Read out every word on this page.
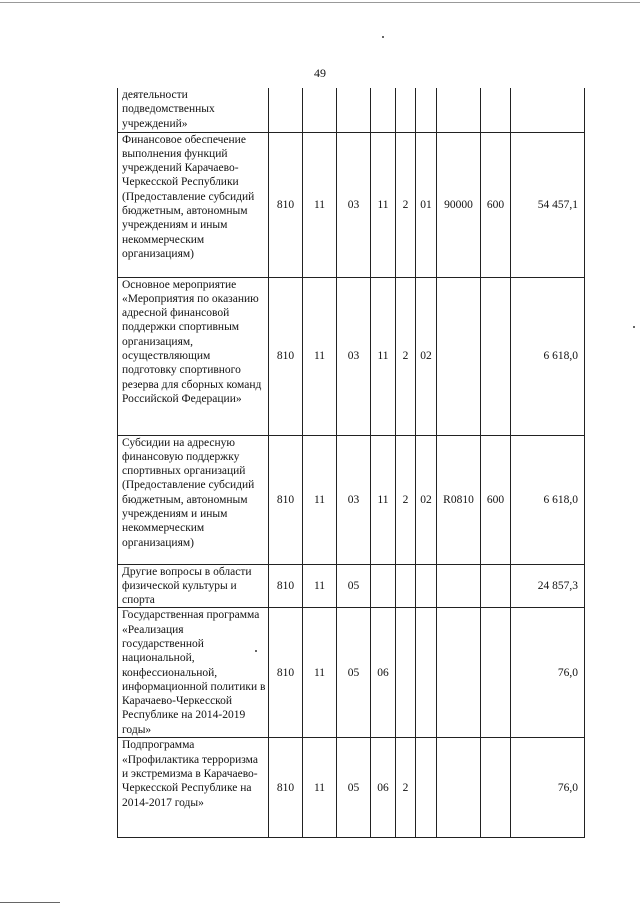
49
деятельности подведомственных учреждений»									
Финансовое обеспечение выполнения функций учреждений Карачаево-Черкесской Республики (Предоставление субсидий бюджетным, автономным учреждениям и иным некоммерческим организациям)	810	11	03	11	2	01	90000	600	54 457,1
Основное мероприятие «Мероприятия по оказанию адресной финансовой поддержки спортивным организациям, осуществляющим подготовку спортивного резерва для сборных команд Российской Федерации»	810	11	03	11	2	02			6 618,0
Субсидии на адресную финансовую поддержку спортивных организаций (Предоставление субсидий бюджетным, автономным учреждениям и иным некоммерческим организациям)	810	11	03	11	2	02	R0810	600	6 618,0
Другие вопросы в области физической культуры и спорта	810	11	05						24 857,3
Государственная программа «Реализация государственной национальной, конфессиональной, информационной политики в Карачаево-Черкесской Республике на 2014-2019 годы»	810	11	05	06					76,0
Подпрограмма «Профилактика терроризма и экстремизма в Карачаево-Черкесской Республике на 2014-2017 годы»	810	11	05	06	2				76,0
